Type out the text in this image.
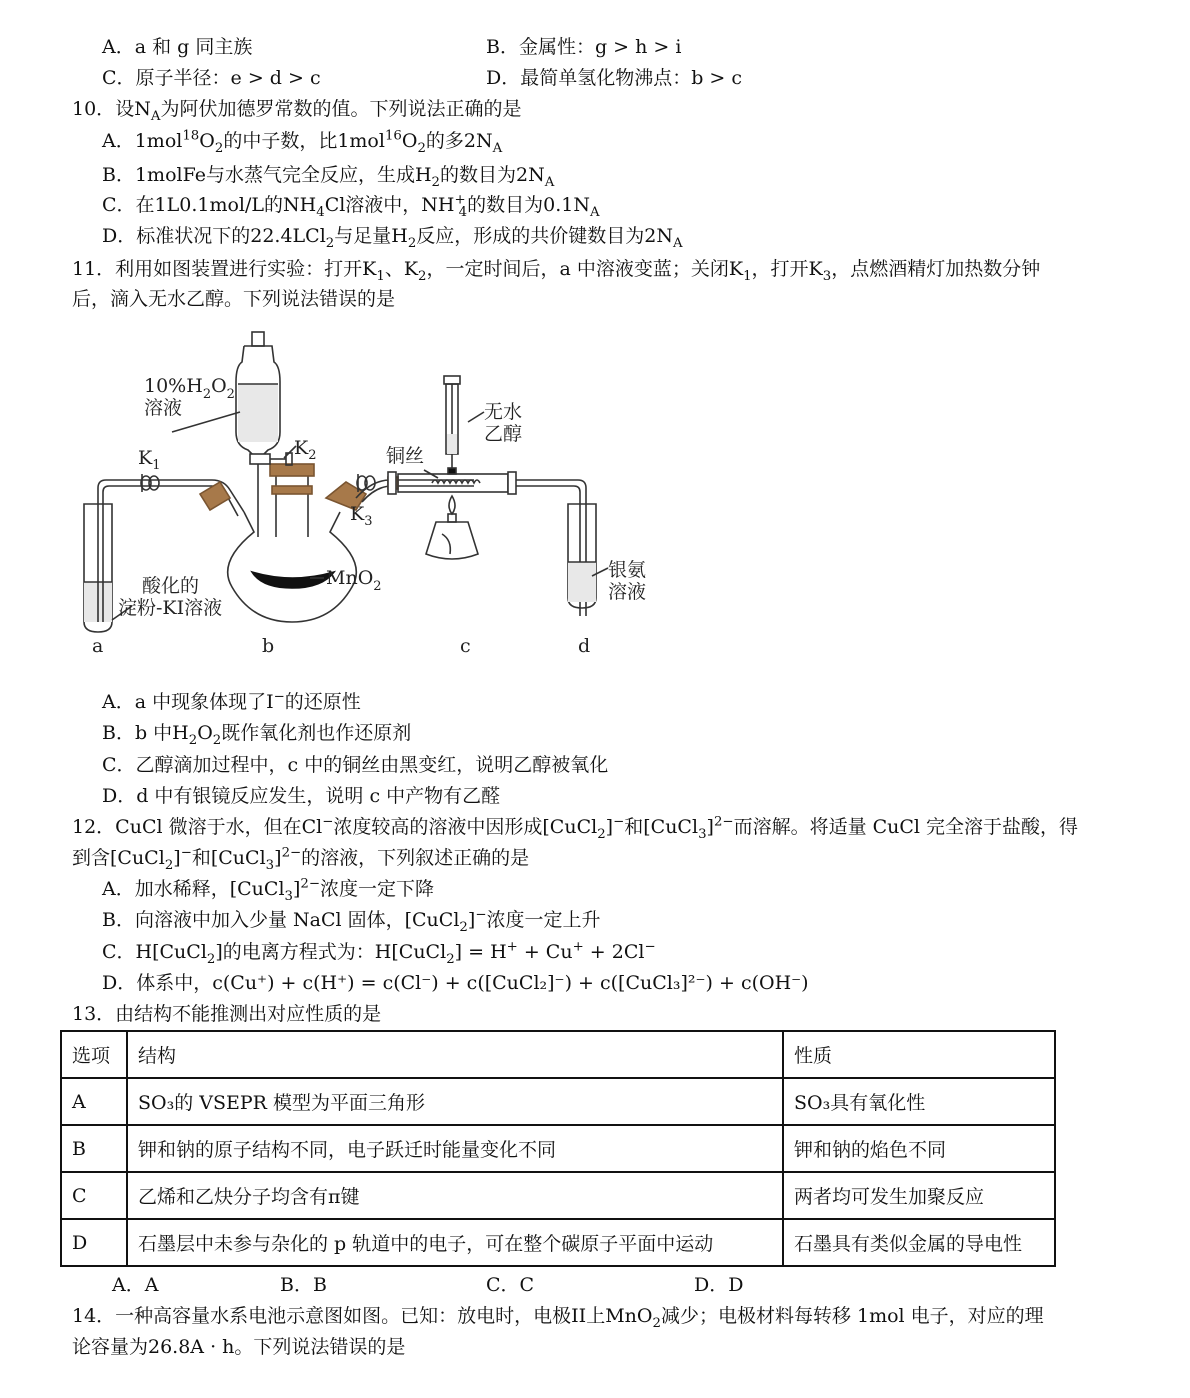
A．a 和 g 同主族	B．金属性：g > h > i
C．原子半径：e > d > c	D．最简单氢化物沸点：b > c
10．设$N_A$为阿伏加德罗常数的值。下列说法正确的是
A．$1mol^{18}O_2$的中子数，比$1mol^{16}O_2$的多$2N_A$
B．1molFe与水蒸气完全反应，生成$H_2$的数目为$2N_A$
C．在1L0.1mol/L的$NH_4Cl$溶液中，$NH^+_4$的数目为$0.1N_A$
D．标准状况下的22.4LCl$_2$与足量$H_2$反应，形成的共价键数目为$2N_A$
11．利用如图装置进行实验：打开$K_1$、$K_2$，一定时间后，a 中溶液变蓝；关闭$K_1$，打开$K_3$，点燃酒精灯加热数分钟
后，滴入无水乙醇。下列说法错误的是
$10\%H_2O_2$
溶液
$K_1$
$K_2$
$K_3$
无水
乙醇
铜丝
MnO$_2$
酸化的
淀粉-KI溶液
银氨
溶液
a	b	c	d
A．a 中现象体现了I−的还原性
B．b 中$H_2O_2$既作氧化剂也作还原剂
C．乙醇滴加过程中，c 中的铜丝由黑变红，说明乙醇被氧化
D．d 中有银镜反应发生，说明 c 中产物有乙醛
12．CuCl 微溶于水，但在Cl−浓度较高的溶液中因形成[CuCl$_2$]−和[CuCl$_3$]$^{2-}$而溶解。将适量 CuCl 完全溶于盐酸，得
到含[CuCl$_2$]−和[CuCl$_3$]$^{2-}$的溶液，下列叙述正确的是
A．加水稀释，[CuCl$_3$]$^{2-}$浓度一定下降
B．向溶液中加入少量 NaCl 固体，[CuCl$_2$]−浓度一定上升
C．H[CuCl$_2$]的电离方程式为：H[CuCl$_2$] = H+ + Cu+ + 2Cl−
D．体系中，c(Cu⁺) + c(H⁺) = c(Cl⁻) + c([CuCl₂]⁻) + c([CuCl₃]²⁻) + c(OH⁻)
13．由结构不能推测出对应性质的是
选项	结构	性质
A	SO₃的 VSEPR 模型为平面三角形	SO₃具有氧化性
B	钾和钠的原子结构不同，电子跃迁时能量变化不同	钾和钠的焰色不同
C	乙烯和乙炔分子均含有π键	两者均可发生加聚反应
D	石墨层中未参与杂化的 p 轨道中的电子，可在整个碳原子平面中运动	石墨具有类似金属的导电性
A．A	B．B	C．C	D．D
14．一种高容量水系电池示意图如图。已知：放电时，电极II上MnO$_2$减少；电极材料每转移 1mol 电子，对应的理
论容量为26.8A · h。下列说法错误的是
